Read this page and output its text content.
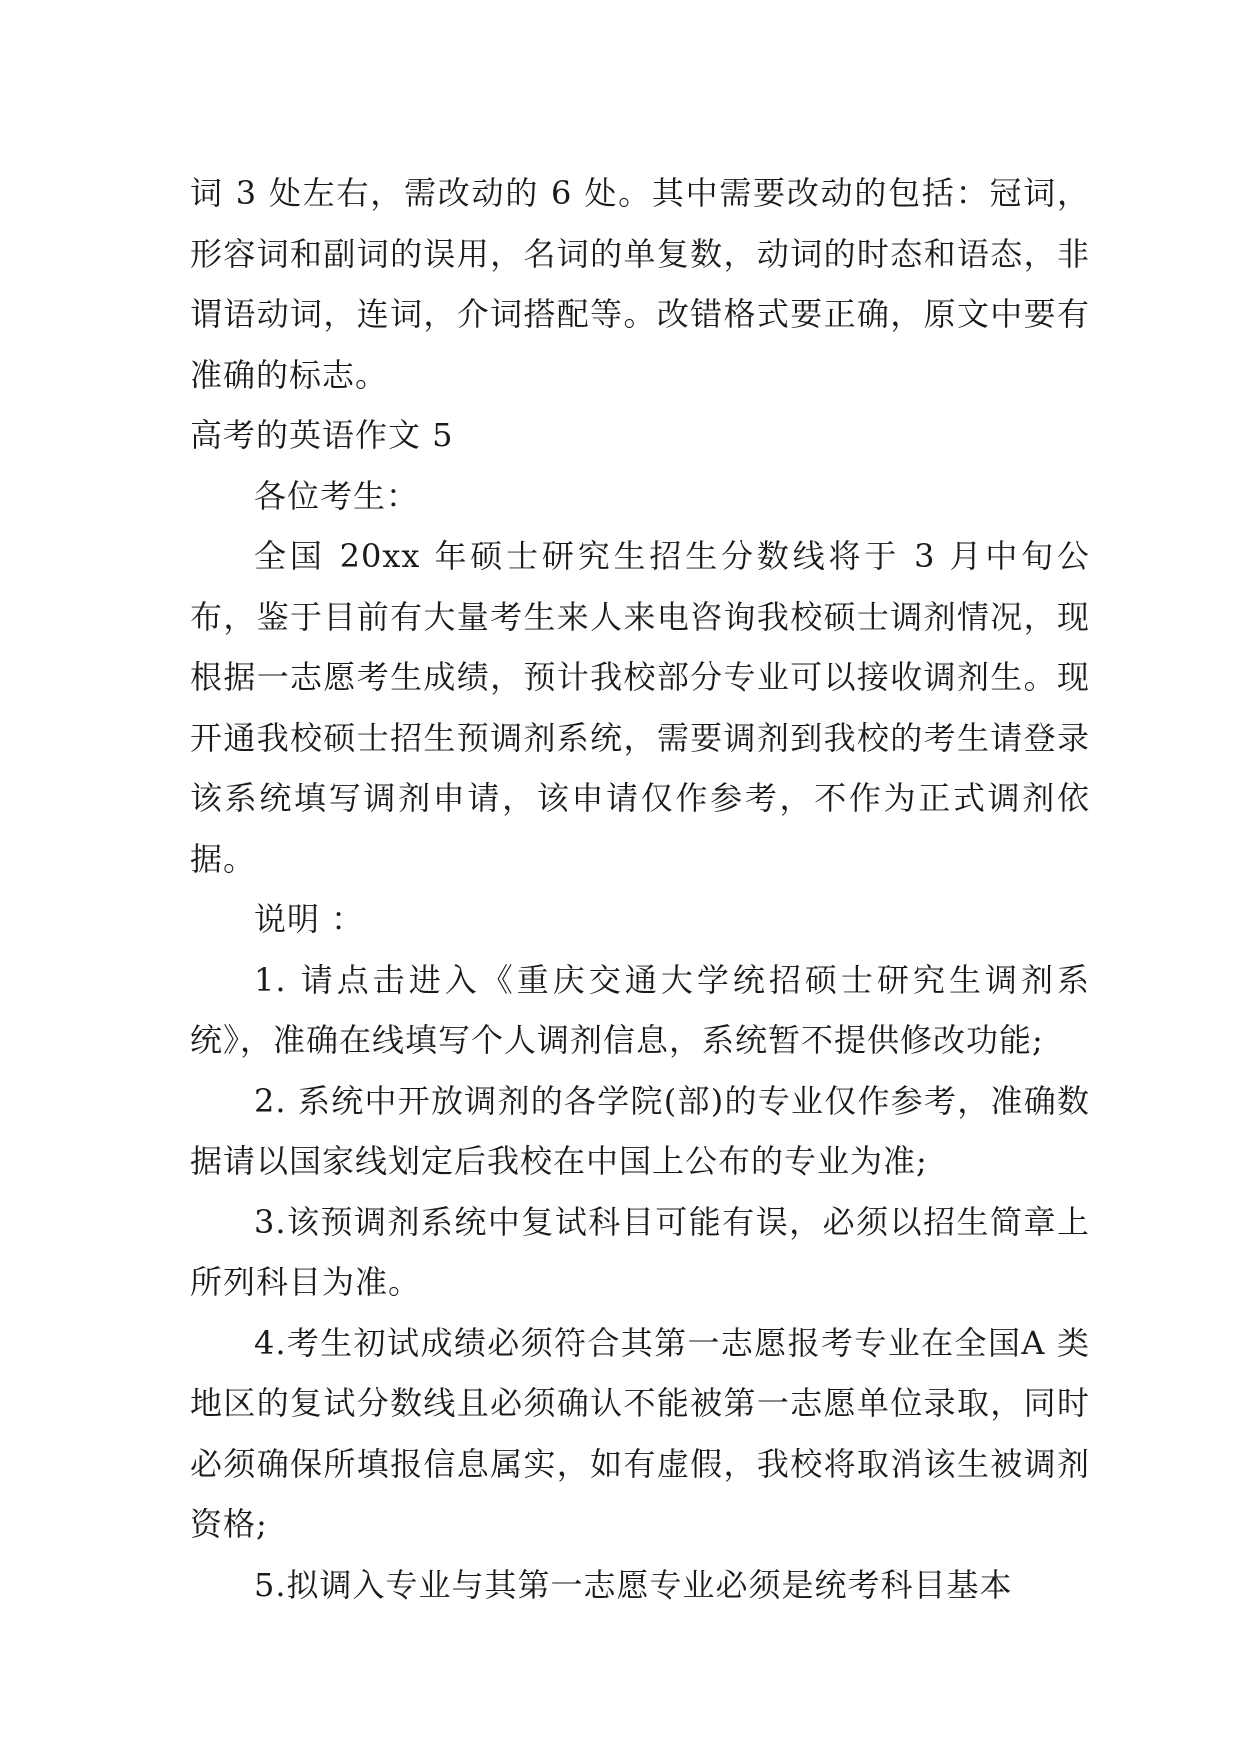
词 3 处左右，需改动的 6 处。其中需要改动的包括：冠词，形容词和副词的误用，名词的单复数，动词的时态和语态，非谓语动词，连词，介词搭配等。改错格式要正确，原文中要有准确的标志。

高考的英语作文 5

各位考生：

全国 20xx 年硕士研究生招生分数线将于 3 月中旬公布，鉴于目前有大量考生来人来电咨询我校硕士调剂情况，现根据一志愿考生成绩，预计我校部分专业可以接收调剂生。现开通我校硕士招生预调剂系统，需要调剂到我校的考生请登录该系统填写调剂申请，该申请仅作参考，不作为正式调剂依据。

说明 ：

1. 请点击进入《重庆交通大学统招硕士研究生调剂系统》，准确在线填写个人调剂信息，系统暂不提供修改功能;

2. 系统中开放调剂的各学院(部)的专业仅作参考，准确数据请以国家线划定后我校在中国上公布的专业为准;

3.该预调剂系统中复试科目可能有误，必须以招生简章上所列科目为准。

4.考生初试成绩必须符合其第一志愿报考专业在全国A 类地区的复试分数线且必须确认不能被第一志愿单位录取，同时必须确保所填报信息属实，如有虚假，我校将取消该生被调剂资格;

5.拟调入专业与其第一志愿专业必须是统考科目基本
